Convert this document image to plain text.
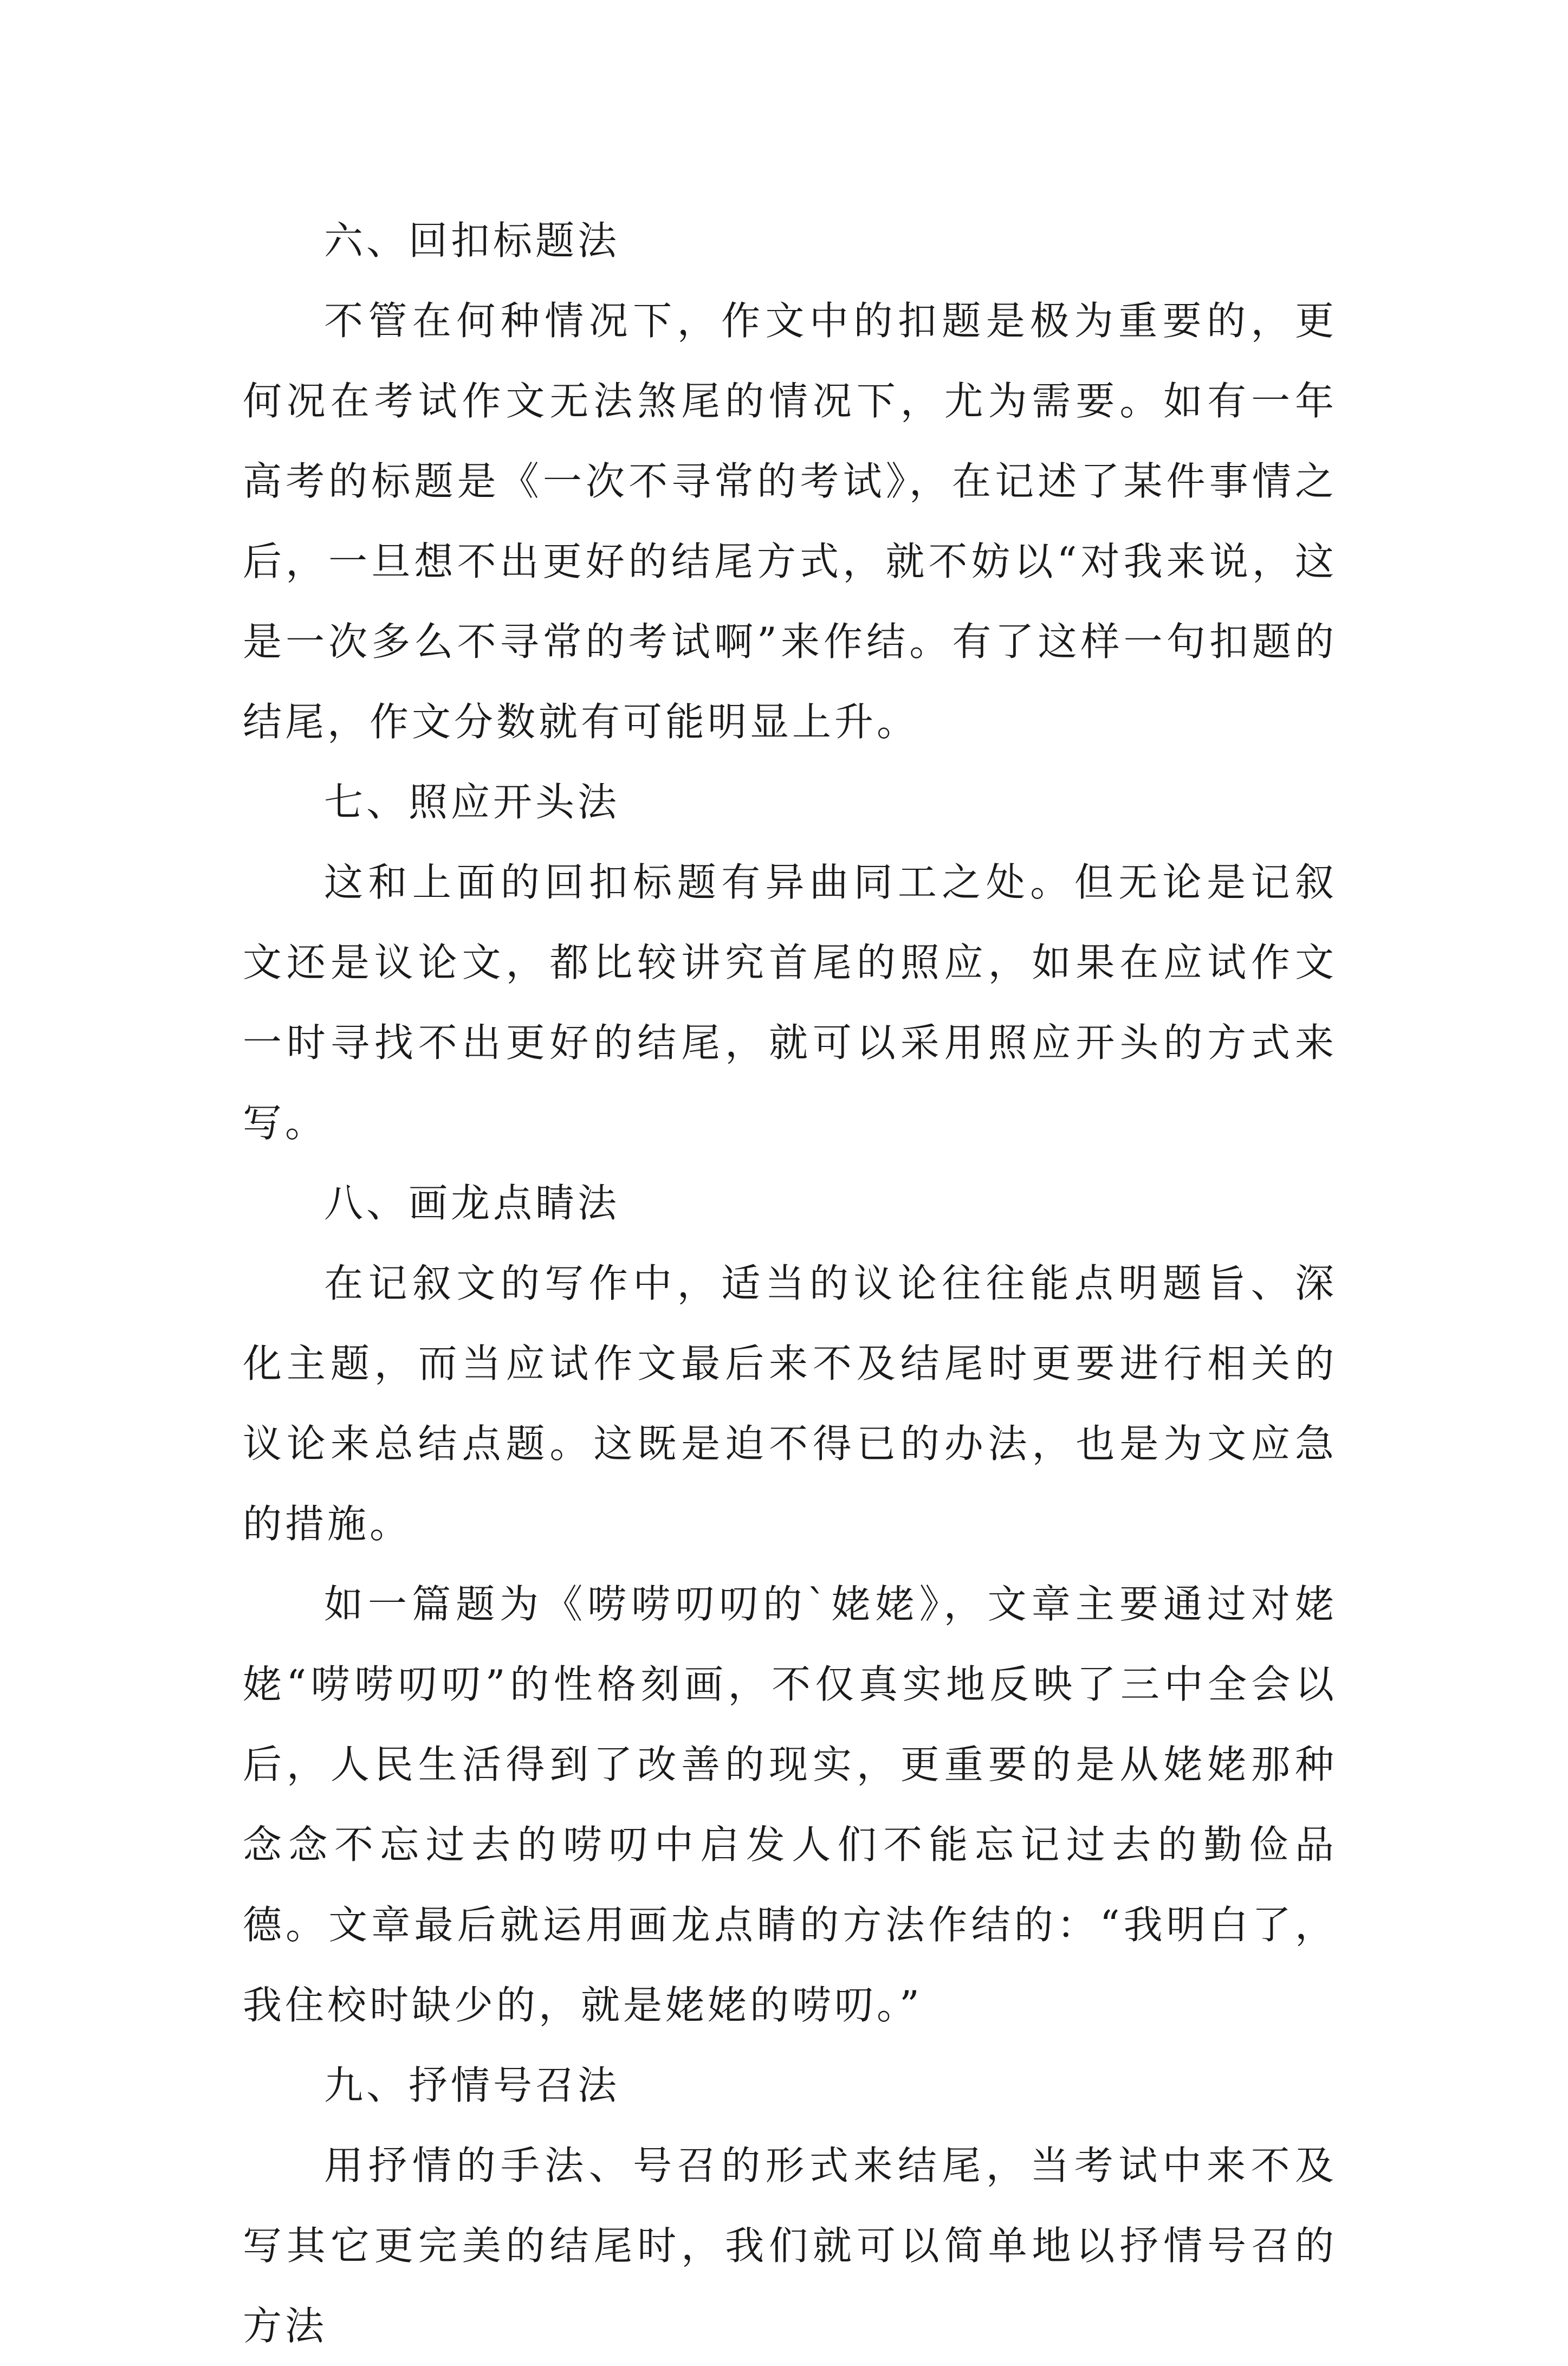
六、回扣标题法

不管在何种情况下，作文中的扣题是极为重要的，更何况在考试作文无法煞尾的情况下，尤为需要。如有一年高考的标题是《一次不寻常的考试》，在记述了某件事情之后，一旦想不出更好的结尾方式，就不妨以“对我来说，这是一次多么不寻常的考试啊”来作结。有了这样一句扣题的结尾，作文分数就有可能明显上升。

七、照应开头法

这和上面的回扣标题有异曲同工之处。但无论是记叙文还是议论文，都比较讲究首尾的照应，如果在应试作文一时寻找不出更好的结尾，就可以采用照应开头的方式来写。

八、画龙点睛法

在记叙文的写作中，适当的议论往往能点明题旨、深化主题，而当应试作文最后来不及结尾时更要进行相关的议论来总结点题。这既是迫不得已的办法，也是为文应急的措施。

如一篇题为《唠唠叨叨的`姥姥》，文章主要通过对姥姥“唠唠叨叨”的性格刻画，不仅真实地反映了三中全会以后，人民生活得到了改善的现实，更重要的是从姥姥那种念念不忘过去的唠叨中启发人们不能忘记过去的勤俭品德。文章最后就运用画龙点睛的方法作结的：“我明白了，我住校时缺少的，就是姥姥的唠叨。”

九、抒情号召法

用抒情的手法、号召的形式来结尾，当考试中来不及写其它更完美的结尾时，我们就可以简单地以抒情号召的方法
